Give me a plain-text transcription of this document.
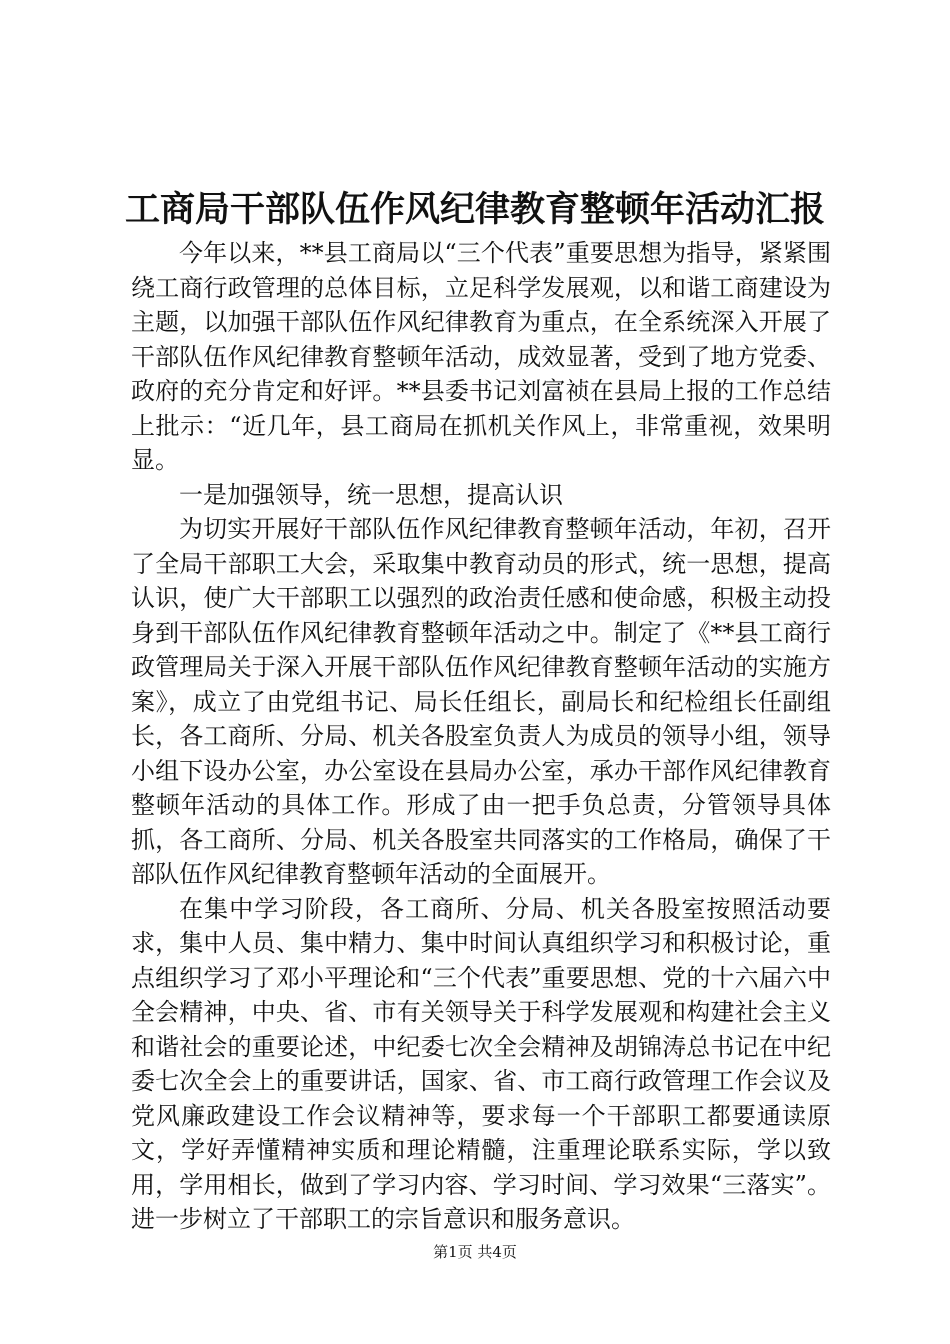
工商局干部队伍作风纪律教育整顿年活动汇报

今年以来，**县工商局以“三个代表”重要思想为指导，紧紧围绕工商行政管理的总体目标，立足科学发展观，以和谐工商建设为主题，以加强干部队伍作风纪律教育为重点，在全系统深入开展了干部队伍作风纪律教育整顿年活动，成效显著，受到了地方党委、政府的充分肯定和好评。**县委书记刘富祯在县局上报的工作总结上批示：“近几年，县工商局在抓机关作风上，非常重视，效果明显。

一是加强领导，统一思想，提高认识

为切实开展好干部队伍作风纪律教育整顿年活动，年初，召开了全局干部职工大会，采取集中教育动员的形式，统一思想，提高认识，使广大干部职工以强烈的政治责任感和使命感，积极主动投身到干部队伍作风纪律教育整顿年活动之中。制定了《**县工商行政管理局关于深入开展干部队伍作风纪律教育整顿年活动的实施方案》，成立了由党组书记、局长任组长，副局长和纪检组长任副组长，各工商所、分局、机关各股室负责人为成员的领导小组，领导小组下设办公室，办公室设在县局办公室，承办干部作风纪律教育整顿年活动的具体工作。形成了由一把手负总责，分管领导具体抓，各工商所、分局、机关各股室共同落实的工作格局，确保了干部队伍作风纪律教育整顿年活动的全面展开。

在集中学习阶段，各工商所、分局、机关各股室按照活动要求，集中人员、集中精力、集中时间认真组织学习和积极讨论，重点组织学习了邓小平理论和“三个代表”重要思想、党的十六届六中全会精神，中央、省、市有关领导关于科学发展观和构建社会主义和谐社会的重要论述，中纪委七次全会精神及胡锦涛总书记在中纪委七次全会上的重要讲话，国家、省、市工商行政管理工作会议及党风廉政建设工作会议精神等，要求每一个干部职工都要通读原文，学好弄懂精神实质和理论精髓，注重理论联系实际，学以致用，学用相长，做到了学习内容、学习时间、学习效果“三落实”。进一步树立了干部职工的宗旨意识和服务意识。

第1页 共4页
